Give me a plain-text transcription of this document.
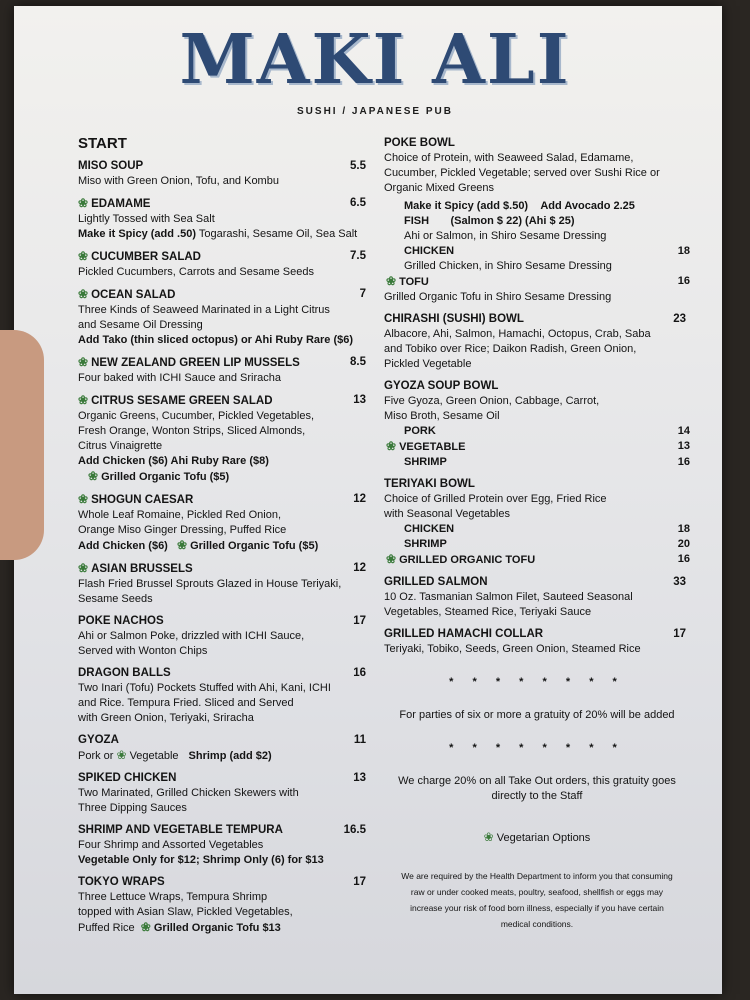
MAKI ALI
SUSHI / JAPANESE PUB
START
MISO SOUP	5.5
Miso with Green Onion, Tofu, and Kombu
❀ EDAMAME	6.5
Lightly Tossed with Sea Salt
Make it Spicy (add .50) Togarashi, Sesame Oil, Sea Salt
❀ CUCUMBER SALAD	7.5
Pickled Cucumbers, Carrots and Sesame Seeds
❀ OCEAN SALAD	7
Three Kinds of Seaweed Marinated in a Light Citrus
and Sesame Oil Dressing
Add Tako (thin sliced octopus) or Ahi Ruby Rare ($6)
❀ NEW ZEALAND GREEN LIP MUSSELS	8.5
Four baked with ICHI Sauce and Sriracha
❀ CITRUS SESAME GREEN SALAD	13
Organic Greens, Cucumber, Pickled Vegetables,
Fresh Orange, Wonton Strips, Sliced Almonds,
Citrus Vinaigrette
Add Chicken ($6) Ahi Ruby Rare ($8)
❀ Grilled Organic Tofu ($5)
❀ SHOGUN CAESAR	12
Whole Leaf Romaine, Pickled Red Onion,
Orange Miso Ginger Dressing, Puffed Rice
Add Chicken ($6) ❀ Grilled Organic Tofu ($5)
❀ ASIAN BRUSSELS	12
Flash Fried Brussel Sprouts Glazed in House Teriyaki,
Sesame Seeds
POKE NACHOS	17
Ahi or Salmon Poke, drizzled with ICHI Sauce,
Served with Wonton Chips
DRAGON BALLS	16
Two Inari (Tofu) Pockets Stuffed with Ahi, Kani, ICHI
and Rice. Tempura Fried. Sliced and Served
with Green Onion, Teriyaki, Sriracha
GYOZA	11
Pork or ❀ Vegetable Shrimp (add $2)
SPIKED CHICKEN	13
Two Marinated, Grilled Chicken Skewers with
Three Dipping Sauces
SHRIMP AND VEGETABLE TEMPURA	16.5
Four Shrimp and Assorted Vegetables
Vegetable Only for $12; Shrimp Only (6) for $13
TOKYO WRAPS	17
Three Lettuce Wraps, Tempura Shrimp
topped with Asian Slaw, Pickled Vegetables,
Puffed Rice ❀ Grilled Organic Tofu $13
POKE BOWL
Choice of Protein, with Seaweed Salad, Edamame,
Cucumber, Pickled Vegetable; served over Sushi Rice or
Organic Mixed Greens
Make it Spicy (add $.50) Add Avocado 2.25
FISH (Salmon $ 22) (Ahi $ 25)
Ahi or Salmon, in Shiro Sesame Dressing
CHICKEN	18
Grilled Chicken, in Shiro Sesame Dressing
❀ TOFU	16
Grilled Organic Tofu in Shiro Sesame Dressing
CHIRASHI (SUSHI) BOWL	23
Albacore, Ahi, Salmon, Hamachi, Octopus, Crab, Saba
and Tobiko over Rice; Daikon Radish, Green Onion,
Pickled Vegetable
GYOZA SOUP BOWL
Five Gyoza, Green Onion, Cabbage, Carrot,
Miso Broth, Sesame Oil
PORK	14
❀ VEGETABLE	13
SHRIMP	16
TERIYAKI BOWL
Choice of Grilled Protein over Egg, Fried Rice
with Seasonal Vegetables
CHICKEN	18
SHRIMP	20
❀ GRILLED ORGANIC TOFU	16
GRILLED SALMON	33
10 Oz. Tasmanian Salmon Filet, Sauteed Seasonal
Vegetables, Steamed Rice, Teriyaki Sauce
GRILLED HAMACHI COLLAR	17
Teriyaki, Tobiko, Seeds, Green Onion, Steamed Rice
* * * * * * * *
For parties of six or more a gratuity of 20% will be added
* * * * * * * *
We charge 20% on all Take Out orders, this gratuity goes
directly to the Staff
❀ Vegetarian Options
We are required by the Health Department to inform you that consuming
raw or under cooked meats, poultry, seafood, shellfish or eggs may
increase your risk of food born illness, especially if you have certain
medical conditions.
